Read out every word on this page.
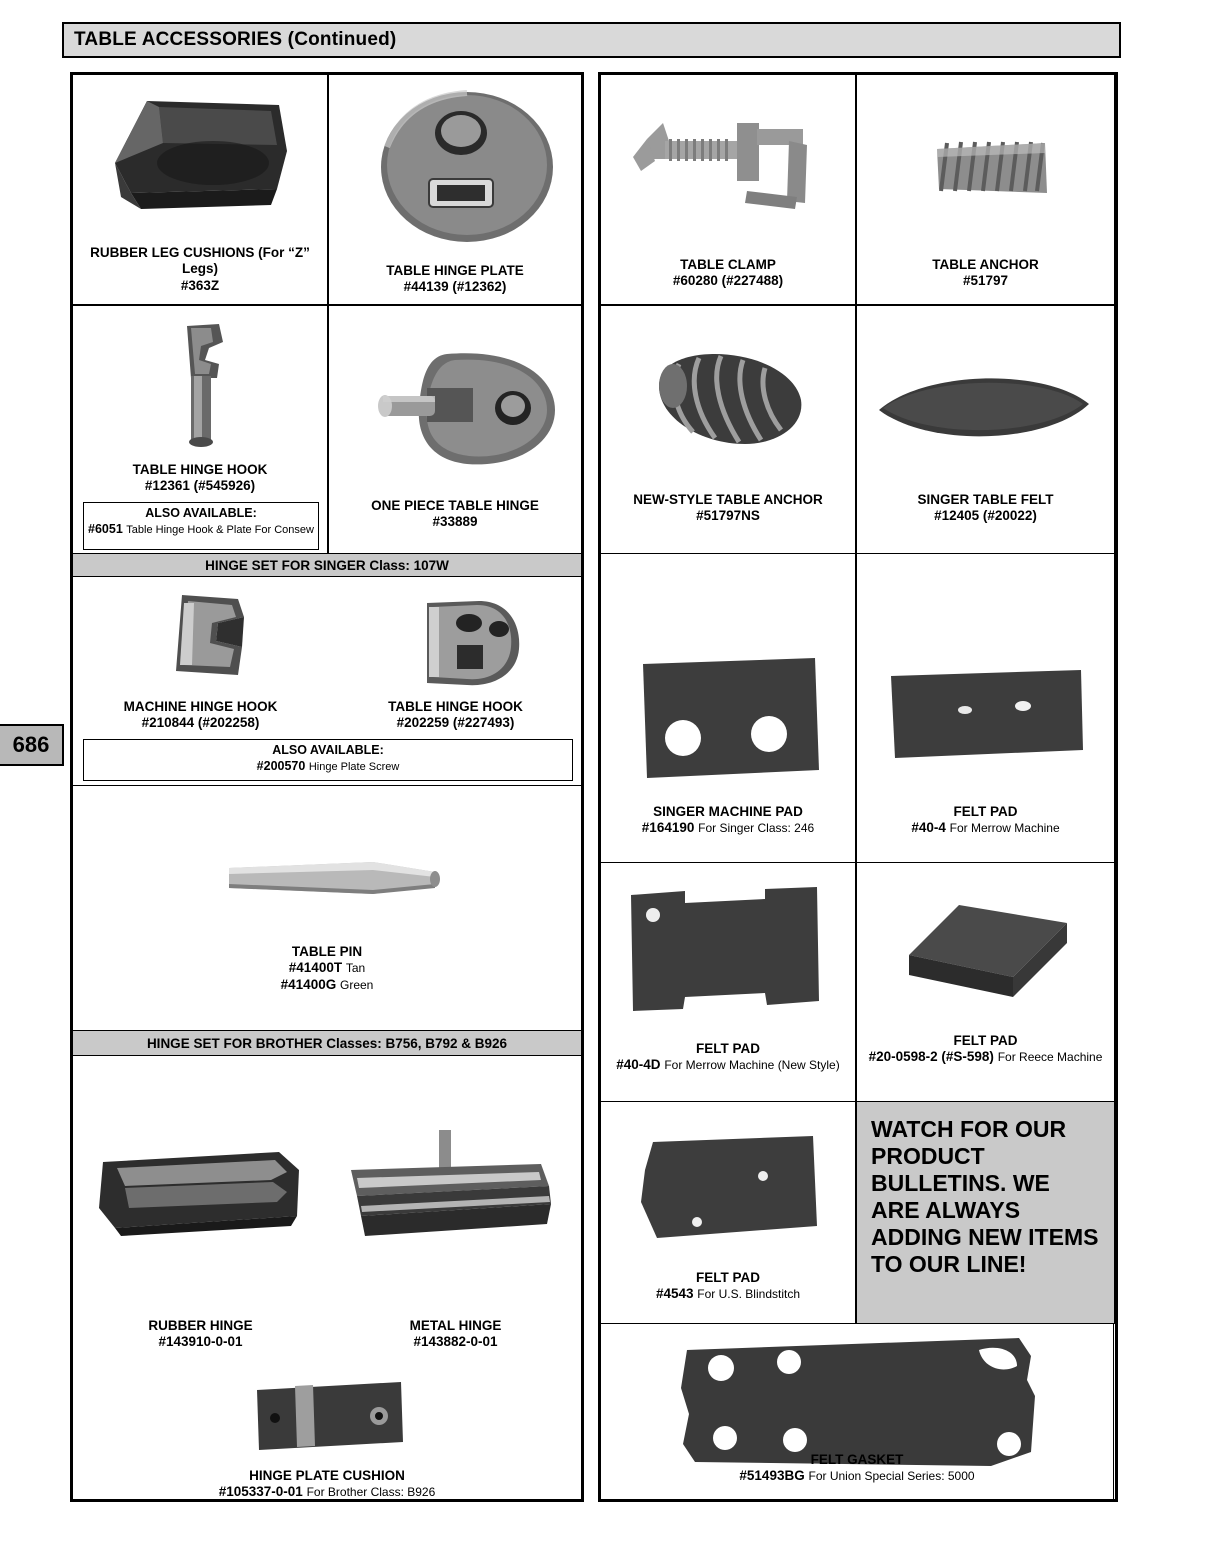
TABLE ACCESSORIES (Continued)
686
RUBBER LEG CUSHIONS (For “Z” Legs)
#363Z
TABLE HINGE PLATE
#44139 (#12362)
TABLE HINGE HOOK
#12361 (#545926)
ALSO AVAILABLE:
#6051 Table Hinge Hook & Plate For Consew
ONE PIECE TABLE HINGE
#33889
HINGE SET FOR SINGER Class: 107W
MACHINE HINGE HOOK
#210844 (#202258)
TABLE HINGE HOOK
#202259 (#227493)
ALSO AVAILABLE:
#200570 Hinge Plate Screw
TABLE PIN
#41400T Tan
#41400G Green
HINGE SET FOR BROTHER Classes: B756, B792 & B926
RUBBER HINGE
#143910-0-01
METAL HINGE
#143882-0-01
HINGE PLATE CUSHION
#105337-0-01 For Brother Class: B926
TABLE CLAMP
#60280 (#227488)
TABLE ANCHOR
#51797
NEW-STYLE TABLE ANCHOR
#51797NS
SINGER TABLE FELT
#12405 (#20022)
SINGER MACHINE PAD
#164190 For Singer Class: 246
FELT PAD
#40-4 For Merrow Machine
FELT PAD
#40-4D For Merrow Machine (New Style)
FELT PAD
#20-0598-2 (#S-598) For Reece Machine
FELT PAD
#4543 For U.S. Blindstitch
WATCH FOR OUR PRODUCT BULLETINS. WE ARE ALWAYS ADDING NEW ITEMS TO OUR LINE!
FELT GASKET
#51493BG For Union Special Series: 5000
